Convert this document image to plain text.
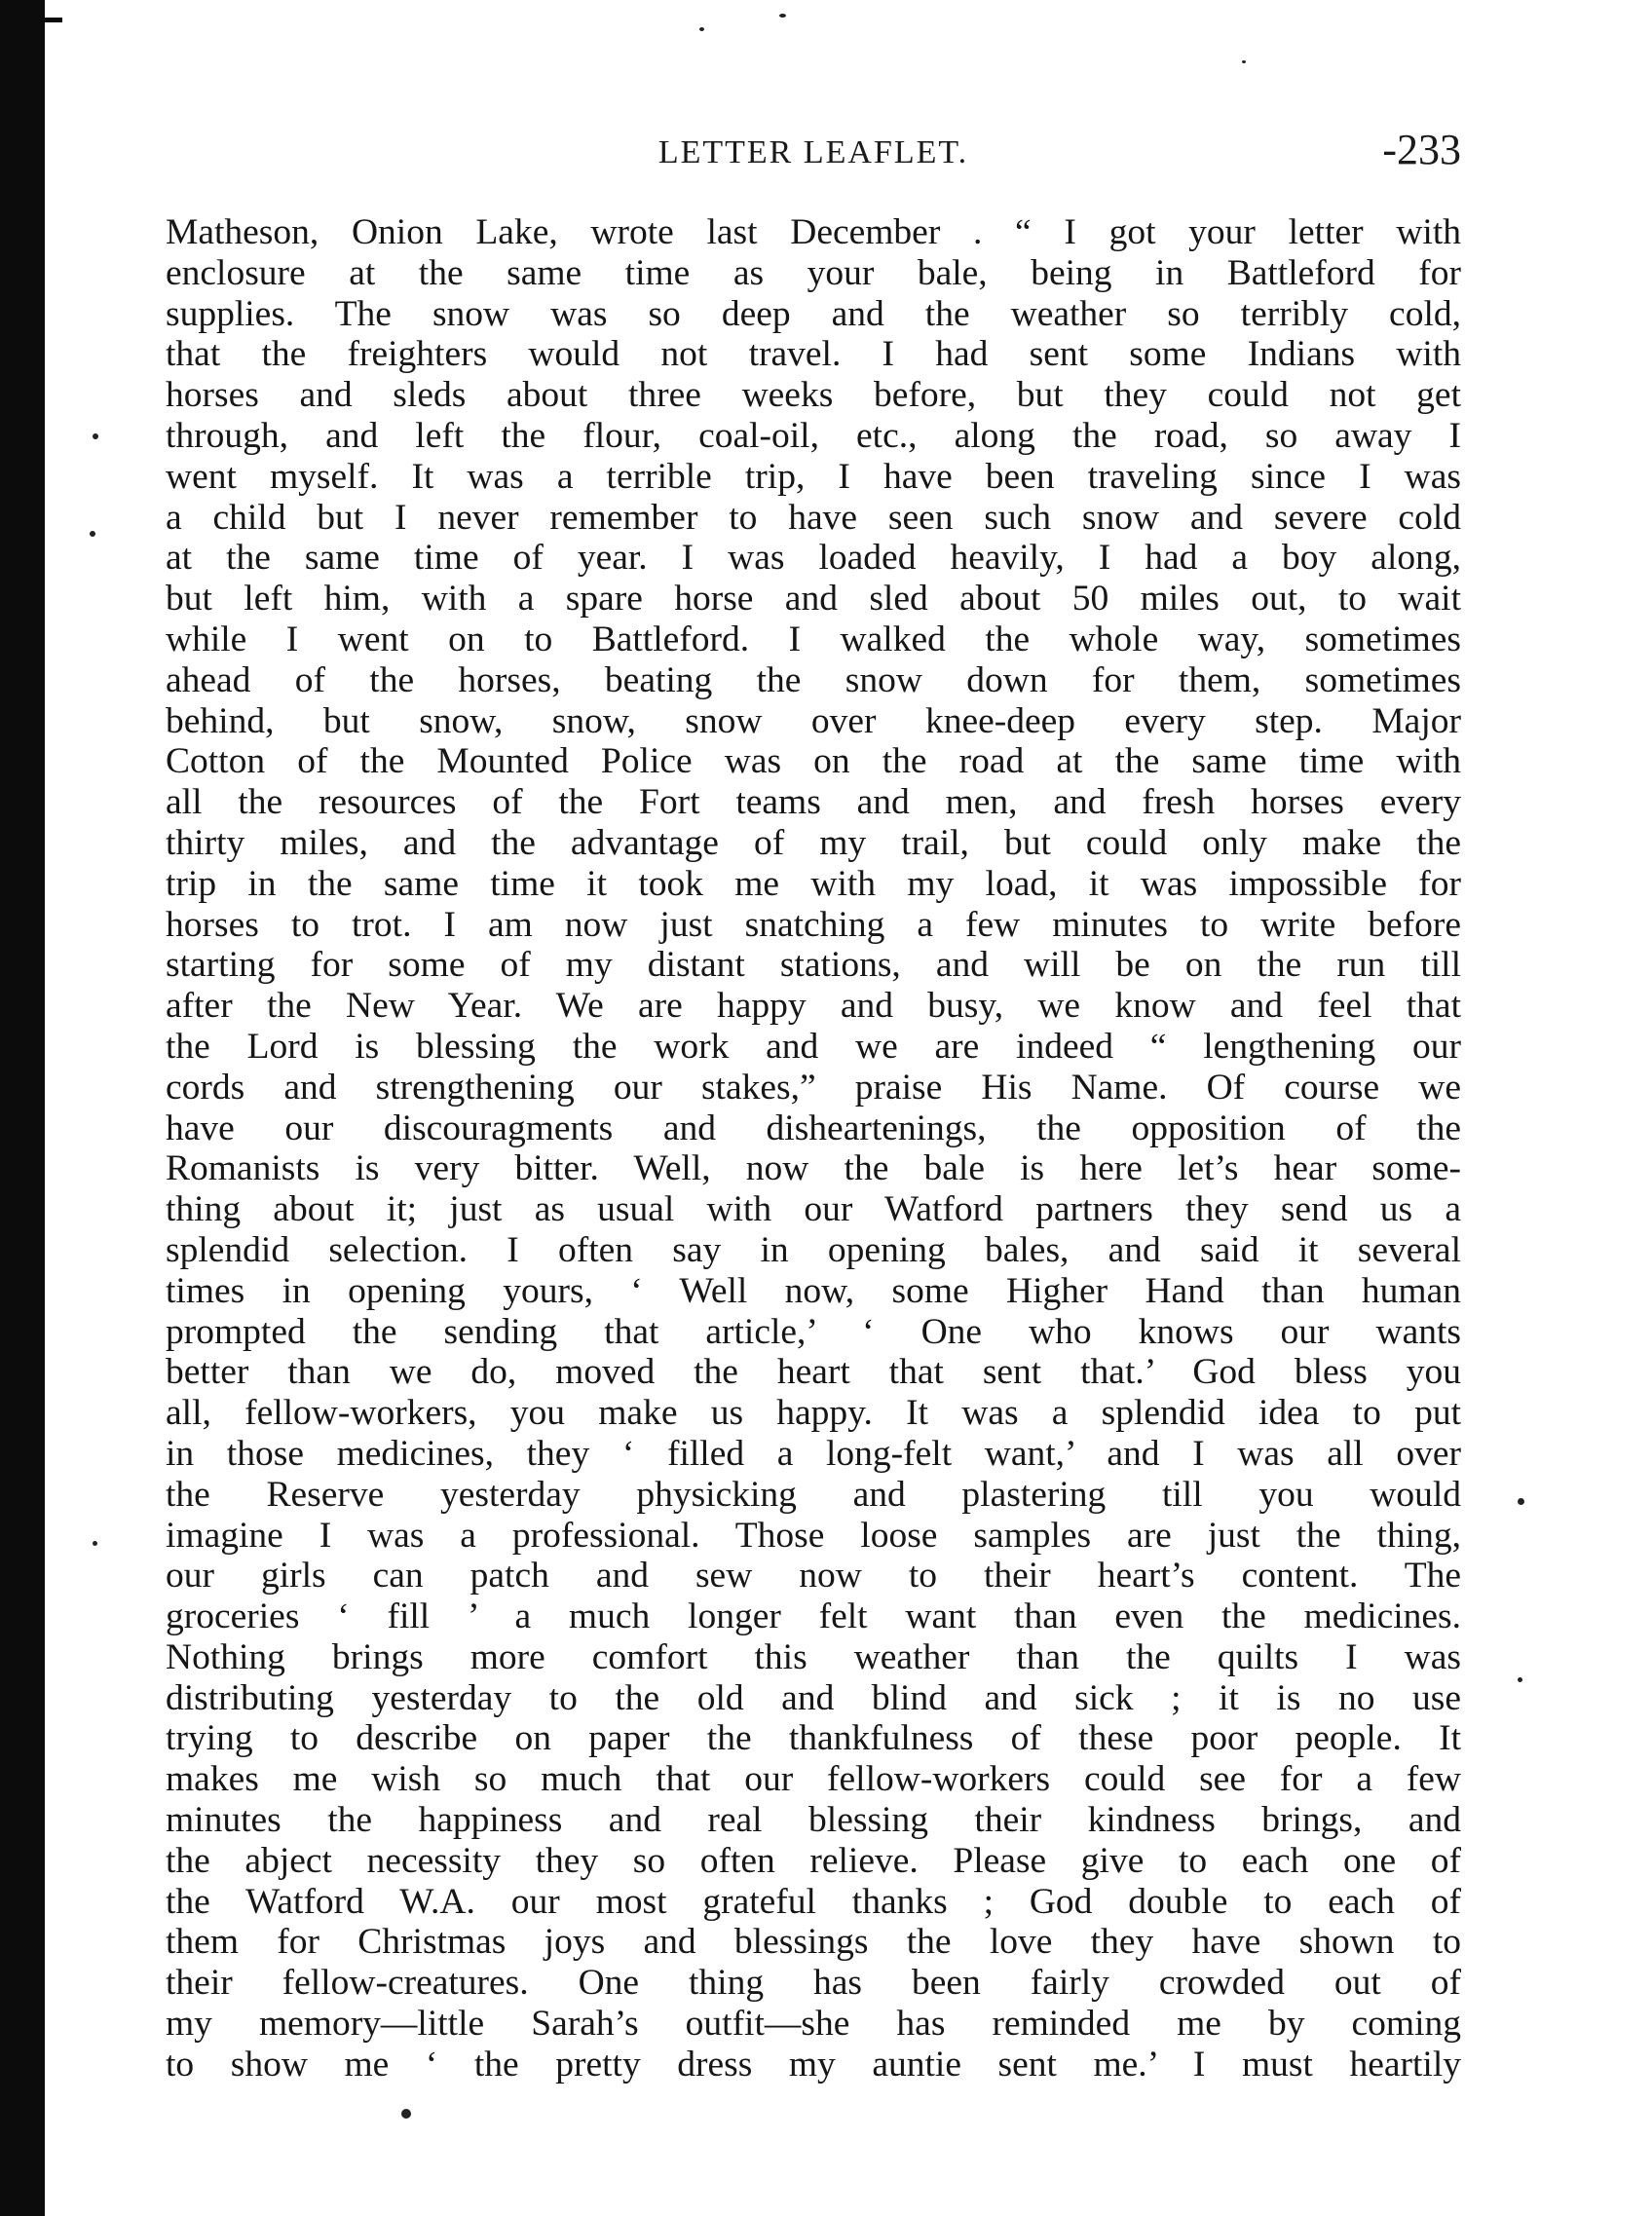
LETTER LEAFLET.	-233
Matheson, Onion Lake, wrote last December . “ I got your letter with
enclosure at the same time as your bale, being in Battleford for
supplies. The snow was so deep and the weather so terribly cold,
that the freighters would not travel. I had sent some Indians with
horses and sleds about three weeks before, but they could not get
through, and left the flour, coal-oil, etc., along the road, so away I
went myself. It was a terrible trip, I have been traveling since I was
a child but I never remember to have seen such snow and severe cold
at the same time of year. I was loaded heavily, I had a boy along,
but left him, with a spare horse and sled about 50 miles out, to wait
while I went on to Battleford. I walked the whole way, sometimes
ahead of the horses, beating the snow down for them, sometimes
behind, but snow, snow, snow over knee-deep every step. Major
Cotton of the Mounted Police was on the road at the same time with
all the resources of the Fort teams and men, and fresh horses every
thirty miles, and the advantage of my trail, but could only make the
trip in the same time it took me with my load, it was impossible for
horses to trot. I am now just snatching a few minutes to write before
starting for some of my distant stations, and will be on the run till
after the New Year. We are happy and busy, we know and feel that
the Lord is blessing the work and we are indeed “ lengthening our
cords and strengthening our stakes,” praise His Name. Of course we
have our discouragments and disheartenings, the opposition of the
Romanists is very bitter. Well, now the bale is here let’s hear some-
thing about it; just as usual with our Watford partners they send us a
splendid selection. I often say in opening bales, and said it several
times in opening yours, ‘ Well now, some Higher Hand than human
prompted the sending that article,’ ‘ One who knows our wants
better than we do, moved the heart that sent that.’ God bless you
all, fellow-workers, you make us happy. It was a splendid idea to put
in those medicines, they ‘ filled a long-felt want,’ and I was all over
the Reserve yesterday physicking and plastering till you would
imagine I was a professional. Those loose samples are just the thing,
our girls can patch and sew now to their heart’s content. The
groceries ‘ fill ’ a much longer felt want than even the medicines.
Nothing brings more comfort this weather than the quilts I was
distributing yesterday to the old and blind and sick ; it is no use
trying to describe on paper the thankfulness of these poor people. It
makes me wish so much that our fellow-workers could see for a few
minutes the happiness and real blessing their kindness brings, and
the abject necessity they so often relieve. Please give to each one of
the Watford W.A. our most grateful thanks ; God double to each of
them for Christmas joys and blessings the love they have shown to
their fellow-creatures. One thing has been fairly crowded out of
my memory—little Sarah’s outfit—she has reminded me by coming
to show me ‘ the pretty dress my auntie sent me.’ I must heartily
